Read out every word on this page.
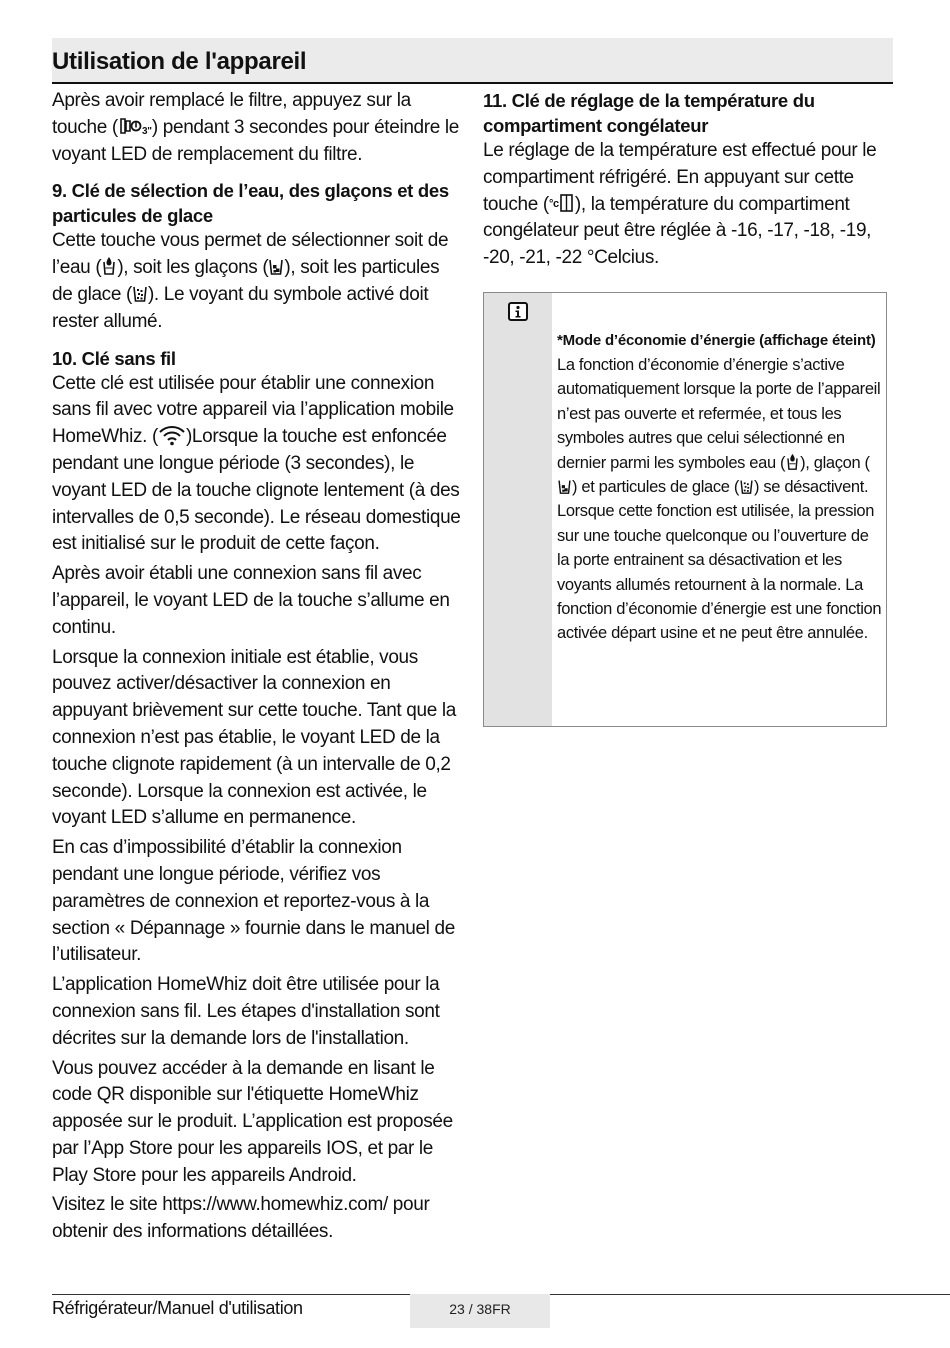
Utilisation de l'appareil

Après avoir remplacé le filtre, appuyez sur la touche ( 3" ) pendant 3 secondes pour éteindre le voyant LED de remplacement du filtre.

9. Clé de sélection de l’eau, des glaçons et des particules de glace

Cette touche vous permet de sélectionner soit de l’eau ( ), soit les glaçons ( ), soit les particules de glace ( ). Le voyant du symbole activé doit rester allumé.

10. Clé sans fil

Cette clé est utilisée pour établir une connexion sans fil avec votre appareil via l’application mobile HomeWhiz. ( )Lorsque la touche est enfoncée pendant une longue période (3 secondes), le voyant LED de la touche clignote lentement (à des intervalles de 0,5 seconde). Le réseau domestique est initialisé sur le produit de cette façon.

Après avoir établi une connexion sans fil avec l’appareil, le voyant LED de la touche s’allume en continu.

Lorsque la connexion initiale est établie, vous pouvez activer/désactiver la connexion en appuyant brièvement sur cette touche. Tant que la connexion n’est pas établie, le voyant LED de la touche clignote rapidement (à un intervalle de 0,2 seconde). Lorsque la connexion est activée, le voyant LED s’allume en permanence.

En cas d’impossibilité d’établir la connexion pendant une longue période, vérifiez vos paramètres de connexion et reportez-vous à la section « Dépannage » fournie dans le manuel de l’utilisateur.

L’application HomeWhiz doit être utilisée pour la connexion sans fil. Les étapes d'installation sont décrites sur la demande lors de l'installation.

Vous pouvez accéder à la demande en lisant le code QR disponible sur l'étiquette HomeWhiz apposée sur le produit. L’application est proposée par l’App Store pour les appareils IOS, et par le Play Store pour les appareils Android.

Visitez le site https://www.homewhiz.com/ pour obtenir des informations détaillées.

11. Clé de réglage de la température du compartiment congélateur

Le réglage de la température est effectué pour le compartiment réfrigéré. En appuyant sur cette touche ( °c ), la température du compartiment congélateur peut être réglée à -16, -17, -18, -19, -20, -21, -22 °Celcius.

*Mode d’économie d’énergie (affichage éteint)

La fonction d’économie d’énergie s’active automatiquement lorsque la porte de l’appareil n’est pas ouverte et refermée, et tous les symboles autres que celui sélectionné en dernier parmi les symboles eau ( ), glaçon () et particules de glace ( ) se désactivent. Lorsque cette fonction est utilisée, la pression sur une touche quelconque ou l’ouverture de la porte entrainent sa désactivation et les voyants allumés retournent à la normale. La fonction d’économie d’énergie est une fonction activée départ usine et ne peut être annulée.

Réfrigérateur/Manuel d'utilisation	23 / 38FR
